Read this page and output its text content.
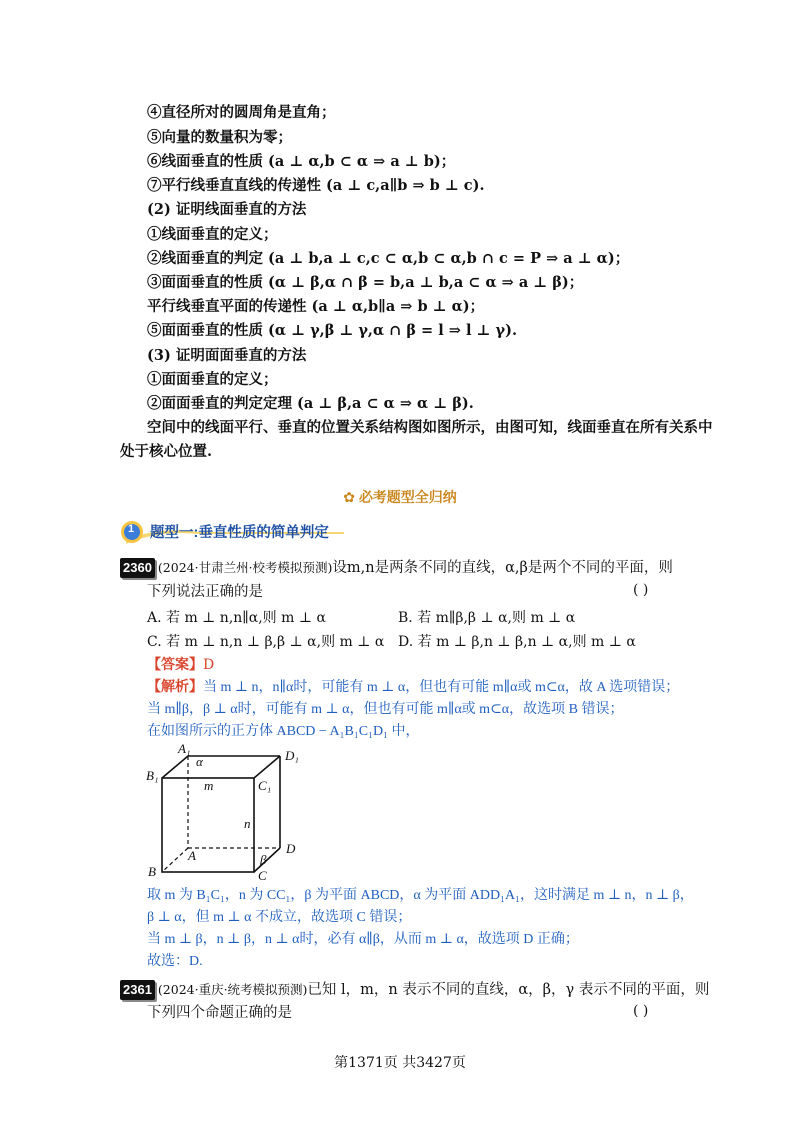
④直径所对的圆周角是直角；
⑤向量的数量积为零；
⑥线面垂直的性质 (a ⊥ α,b ⊂ α ⇒ a ⊥ b)；
⑦平行线垂直直线的传递性 (a ⊥ c,a∥b ⇒ b ⊥ c).
(2) 证明线面垂直的方法
①线面垂直的定义；
②线面垂直的判定 (a ⊥ b,a ⊥ c,c ⊂ α,b ⊂ α,b ∩ c = P ⇒ a ⊥ α)；
③面面垂直的性质 (α ⊥ β,α ∩ β = b,a ⊥ b,a ⊂ α ⇒ a ⊥ β)；
平行线垂直平面的传递性 (a ⊥ α,b∥a ⇒ b ⊥ α)；
⑤面面垂直的性质 (α ⊥ γ,β ⊥ γ,α ∩ β = l ⇒ l ⊥ γ).
(3) 证明面面垂直的方法
①面面垂直的定义；
②面面垂直的判定定理 (a ⊥ β,a ⊂ α ⇒ α ⊥ β).
空间中的线面平行、垂直的位置关系结构图如图所示，由图可知，线面垂直在所有关系中
处于核心位置.
✿ 必考题型全归纳
1 题型一:垂直性质的简单判定
2360 (2024·甘肃兰州·校考模拟预测)设m,n是两条不同的直线，α,β是两个不同的平面，则
下列说法正确的是	( )
A. 若 m ⊥ n,n∥α,则 m ⊥ α	B. 若 m∥β,β ⊥ α,则 m ⊥ α
C. 若 m ⊥ n,n ⊥ β,β ⊥ α,则 m ⊥ α D. 若 m ⊥ β,n ⊥ β,n ⊥ α,则 m ⊥ α
【答案】D
【解析】当 m ⊥ n，n∥α时，可能有 m ⊥ α，但也有可能 m∥α或 m⊂α，故 A 选项错误；
当 m∥β，β ⊥ α时，可能有 m ⊥ α，但也有可能 m∥α或 m⊂α，故选项 B 错误；
在如图所示的正方体 ABCD − A₁B₁C₁D₁ 中，
A₁	D₁
B₁
C₁
α
m
n
A	β
D
B	C
取 m 为 B₁C₁，n 为 CC₁，β 为平面 ABCD，α 为平面 ADD₁A₁，这时满足 m ⊥ n，n ⊥ β，
β ⊥ α，但 m ⊥ α 不成立，故选项 C 错误；
当 m ⊥ β，n ⊥ β，n ⊥ α时，必有 α∥β，从而 m ⊥ α，故选项 D 正确；
故选：D.
2361 (2024·重庆·统考模拟预测)已知 l，m，n 表示不同的直线，α，β，γ 表示不同的平面，则
下列四个命题正确的是	( )
第1371页 共3427页
